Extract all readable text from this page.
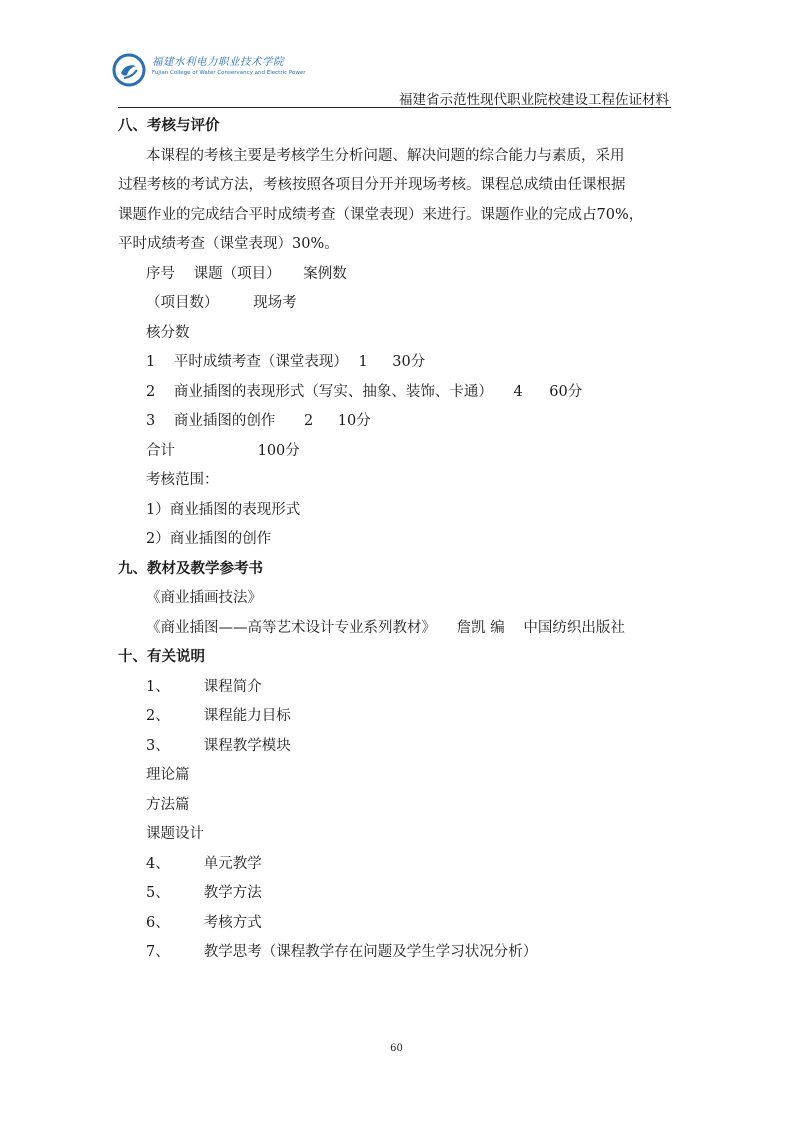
福建水利电力职业技术学院
Fujian College of Water Conservancy and Electric Power
福建省示范性现代职业院校建设工程佐证材料
八、考核与评价
本课程的考核主要是考核学生分析问题、解决问题的综合能力与素质，采用
过程考核的考试方法，考核按照各项目分开并现场考核。课程总成绩由任课根据
课题作业的完成结合平时成绩考查（课堂表现）来进行。课题作业的完成占70%，
平时成绩考查（课堂表现）30%。
序号 课题（项目） 案例数
（项目数） 现场考
核分数
1 平时成绩考查（课堂表现） 1 30分
2 商业插图的表现形式（写实、抽象、装饰、卡通） 4 60分
3 商业插图的创作 2 10分
合计	100分
考核范围：
1）商业插图的表现形式
2）商业插图的创作
九、教材及教学参考书
《商业插画技法》
《商业插图——高等艺术设计专业系列教材》 詹凯 编 中国纺织出版社
十、有关说明
1、 课程简介
2、 课程能力目标
3、 课程教学模块
理论篇
方法篇
课题设计
4、 单元教学
5、 教学方法
6、 考核方式
7、 教学思考（课程教学存在问题及学生学习状况分析）
60
